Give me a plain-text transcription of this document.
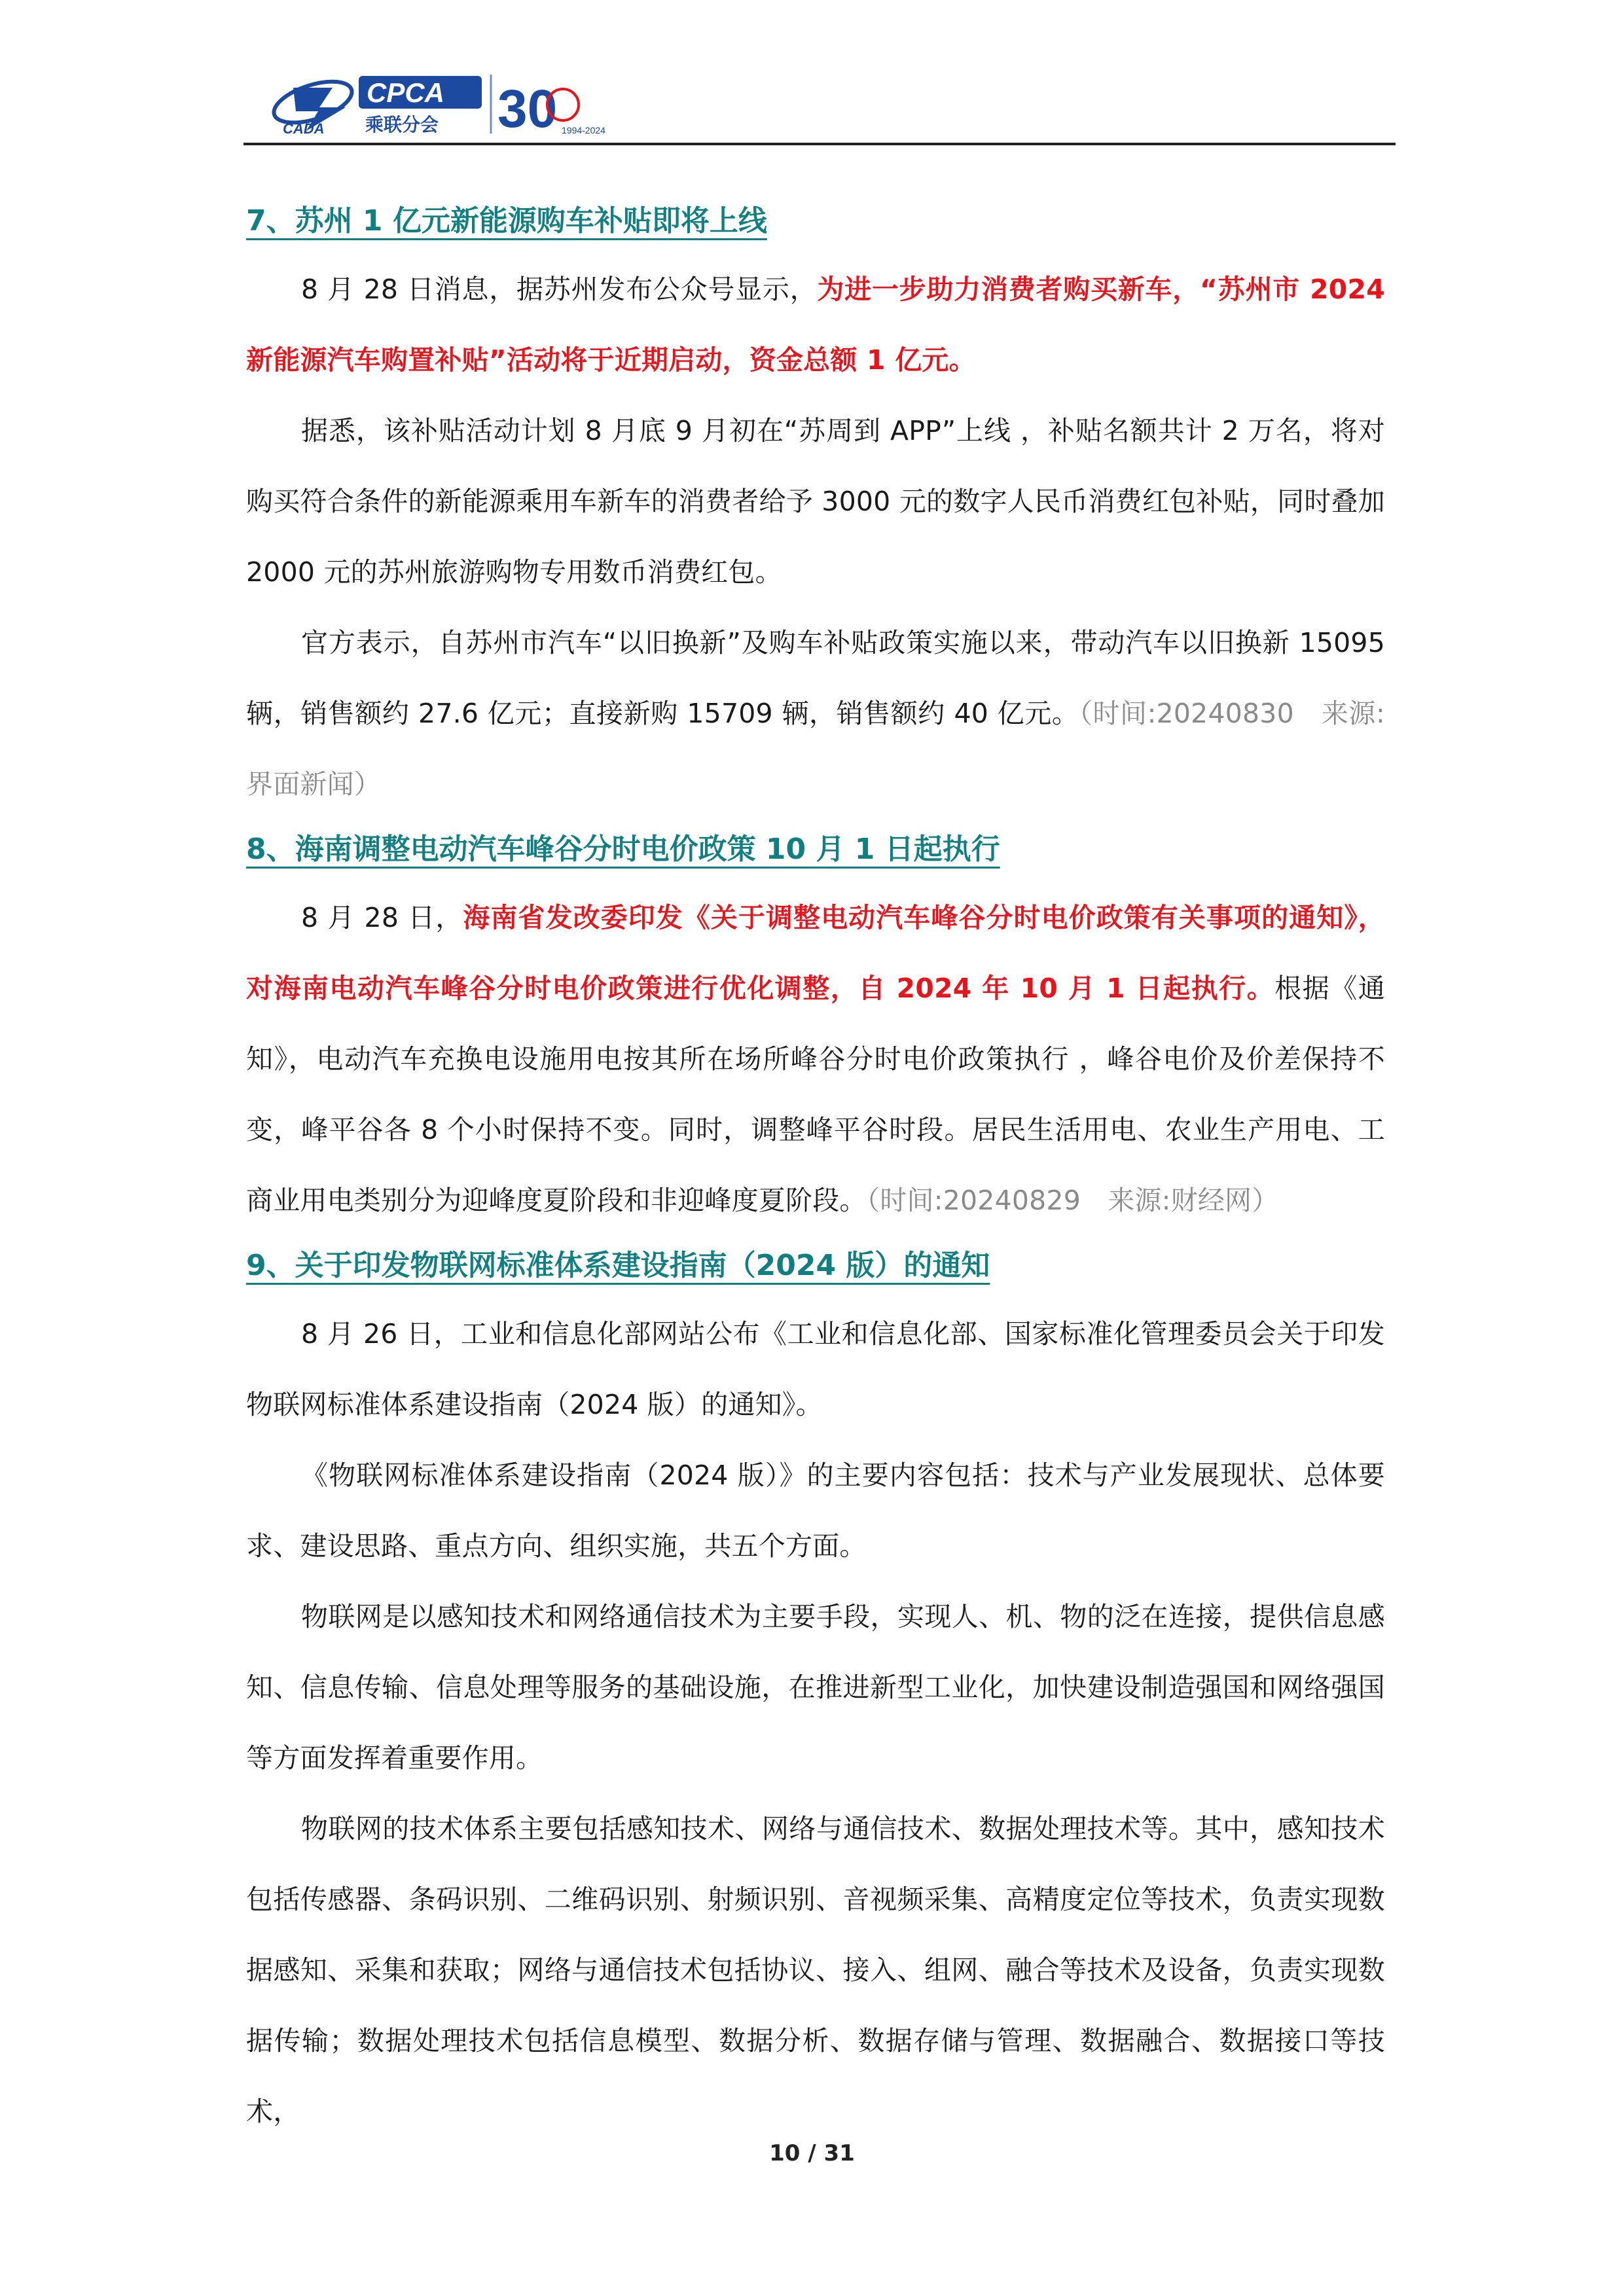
CADA
CPCA
乘联分会 30 1994-2024
7、苏州 1 亿元新能源购车补贴即将上线

8 月 28 日消息，据苏州发布公众号显示，为进一步助力消费者购买新车，“苏州市 2024 新能源汽车购置补贴”活动将于近期启动，资金总额 1 亿元。

据悉，该补贴活动计划 8 月底 9 月初在“苏周到 APP”上线 ，补贴名额共计 2 万名，将对购买符合条件的新能源乘用车新车的消费者给予 3000 元的数字人民币消费红包补贴，同时叠加 2000 元的苏州旅游购物专用数币消费红包。

官方表示，自苏州市汽车“以旧换新”及购车补贴政策实施以来，带动汽车以旧换新 15095 辆，销售额约 27.6 亿元；直接新购 15709 辆，销售额约 40 亿元。（时间:20240830　来源:界面新闻）

8、海南调整电动汽车峰谷分时电价政策 10 月 1 日起执行

8 月 28 日，海南省发改委印发《关于调整电动汽车峰谷分时电价政策有关事项的通知》，对海南电动汽车峰谷分时电价政策进行优化调整，自 2024 年 10 月 1 日起执行。根据《通知》，电动汽车充换电设施用电按其所在场所峰谷分时电价政策执行 ，峰谷电价及价差保持不变，峰平谷各 8 个小时保持不变。同时，调整峰平谷时段。居民生活用电、农业生产用电、工商业用电类别分为迎峰度夏阶段和非迎峰度夏阶段。（时间:20240829　来源:财经网）

9、关于印发物联网标准体系建设指南（2024 版）的通知

8 月 26 日，工业和信息化部网站公布《工业和信息化部、国家标准化管理委员会关于印发物联网标准体系建设指南（2024 版）的通知》。

《物联网标准体系建设指南（2024 版）》的主要内容包括：技术与产业发展现状、总体要求、建设思路、重点方向、组织实施，共五个方面。

物联网是以感知技术和网络通信技术为主要手段，实现人、机、物的泛在连接，提供信息感知、信息传输、信息处理等服务的基础设施，在推进新型工业化，加快建设制造强国和网络强国等方面发挥着重要作用。

物联网的技术体系主要包括感知技术、网络与通信技术、数据处理技术等。其中，感知技术包括传感器、条码识别、二维码识别、射频识别、音视频采集、高精度定位等技术，负责实现数据感知、采集和获取；网络与通信技术包括协议、接入、组网、融合等技术及设备，负责实现数据传输；数据处理技术包括信息模型、数据分析、数据存储与管理、数据融合、数据接口等技术，

10 / 31
